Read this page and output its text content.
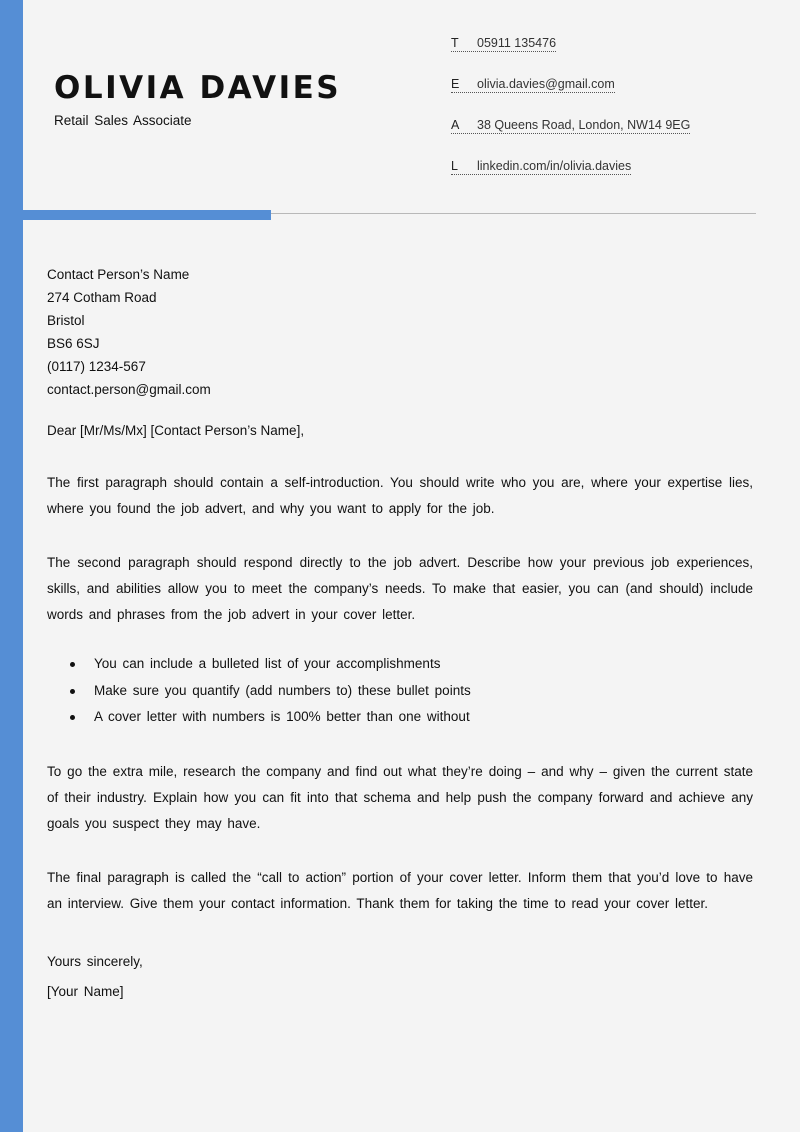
OLIVIA DAVIES
Retail Sales Associate
T 05911 135476
E olivia.davies@gmail.com
A 38 Queens Road, London, NW14 9EG
L linkedin.com/in/olivia.davies
Contact Person’s Name
274 Cotham Road
Bristol
BS6 6SJ
(0117) 1234-567
contact.person@gmail.com
Dear [Mr/Ms/Mx] [Contact Person’s Name],
The first paragraph should contain a self-introduction. You should write who you are, where your expertise lies, where you found the job advert, and why you want to apply for the job.
The second paragraph should respond directly to the job advert. Describe how your previous job experiences, skills, and abilities allow you to meet the company’s needs. To make that easier, you can (and should) include words and phrases from the job advert in your cover letter.
You can include a bulleted list of your accomplishments
Make sure you quantify (add numbers to) these bullet points
A cover letter with numbers is 100% better than one without
To go the extra mile, research the company and find out what they’re doing – and why – given the current state of their industry. Explain how you can fit into that schema and help push the company forward and achieve any goals you suspect they may have.
The final paragraph is called the “call to action” portion of your cover letter. Inform them that you’d love to have an interview. Give them your contact information. Thank them for taking the time to read your cover letter.
Yours sincerely,
[Your Name]
